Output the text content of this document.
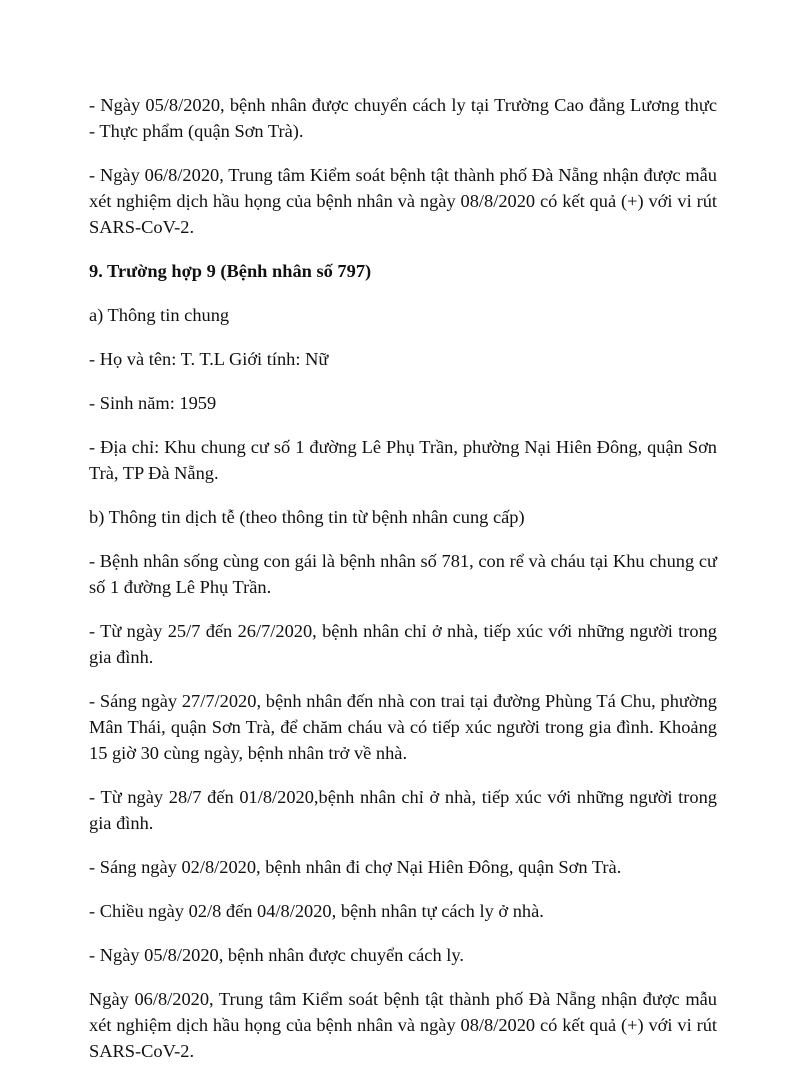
- Ngày 05/8/2020, bệnh nhân được chuyển cách ly tại Trường Cao đẳng Lương thực - Thực phẩm (quận Sơn Trà).

- Ngày 06/8/2020, Trung tâm Kiểm soát bệnh tật thành phố Đà Nẵng nhận được mẫu xét nghiệm dịch hầu họng của bệnh nhân và ngày 08/8/2020 có kết quả (+) với vi rút SARS-CoV-2.

9. Trường hợp 9 (Bệnh nhân số 797)

a) Thông tin chung

- Họ và tên: T. T.L Giới tính: Nữ

- Sinh năm: 1959

- Địa chỉ: Khu chung cư số 1 đường Lê Phụ Trần, phường Nại Hiên Đông, quận Sơn Trà, TP Đà Nẵng.

b) Thông tin dịch tễ (theo thông tin từ bệnh nhân cung cấp)

- Bệnh nhân sống cùng con gái là bệnh nhân số 781, con rể và cháu tại Khu chung cư số 1 đường Lê Phụ Trần.

- Từ ngày 25/7 đến 26/7/2020, bệnh nhân chỉ ở nhà, tiếp xúc với những người trong gia đình.

- Sáng ngày 27/7/2020, bệnh nhân đến nhà con trai tại đường Phùng Tá Chu, phường Mân Thái, quận Sơn Trà, để chăm cháu và có tiếp xúc người trong gia đình. Khoảng 15 giờ 30 cùng ngày, bệnh nhân trở về nhà.

- Từ ngày 28/7 đến 01/8/2020,bệnh nhân chỉ ở nhà, tiếp xúc với những người trong gia đình.

- Sáng ngày 02/8/2020, bệnh nhân đi chợ Nại Hiên Đông, quận Sơn Trà.

- Chiều ngày 02/8 đến 04/8/2020, bệnh nhân tự cách ly ở nhà.

- Ngày 05/8/2020, bệnh nhân được chuyển cách ly.

Ngày 06/8/2020, Trung tâm Kiểm soát bệnh tật thành phố Đà Nẵng nhận được mẫu xét nghiệm dịch hầu họng của bệnh nhân và ngày 08/8/2020 có kết quả (+) với vi rút SARS-CoV-2.
